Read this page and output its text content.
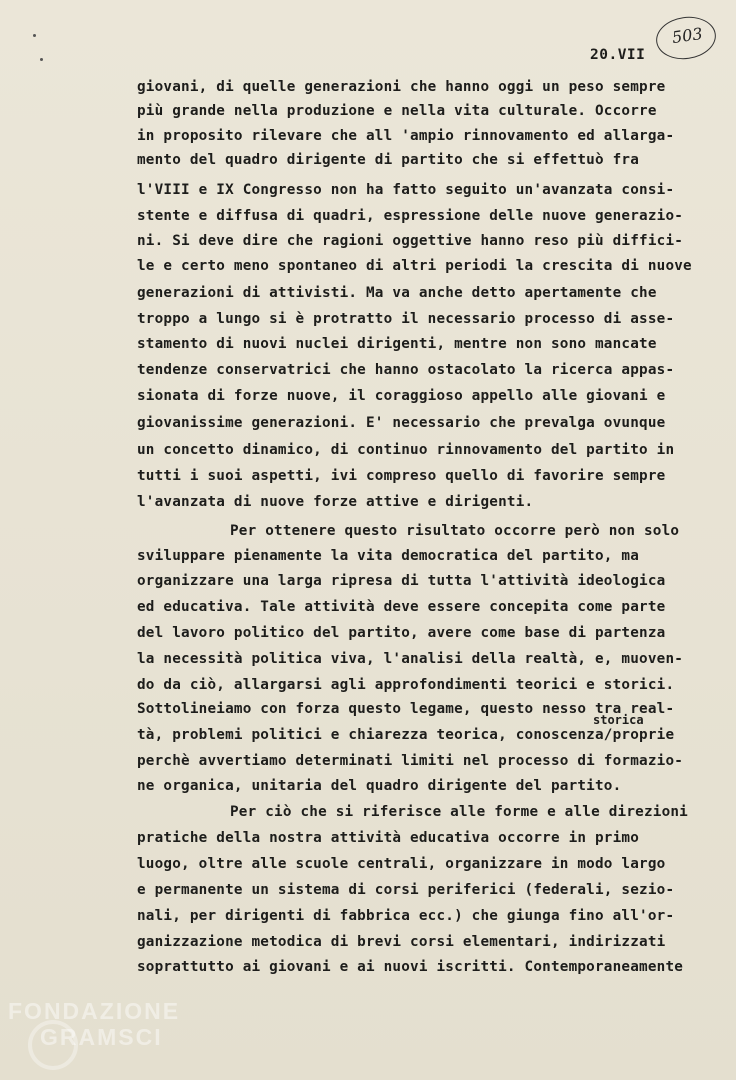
20.VII
503
giovani, di quelle generazioni che hanno oggi un peso sempre
più grande nella produzione e nella vita culturale. Occorre
in proposito rilevare che all 'ampio rinnovamento ed allarga-
mento del quadro dirigente di partito che si effettuò fra
l'VIII e IX Congresso non ha fatto seguito un'avanzata consi-
stente e diffusa di quadri, espressione delle nuove generazio-
ni. Si deve dire che ragioni oggettive hanno reso più diffici-
le e certo meno spontaneo di altri periodi la crescita di nuove
generazioni di attivisti. Ma va anche detto apertamente che
troppo a lungo si è protratto il necessario processo di asse-
stamento di nuovi nuclei dirigenti, mentre non sono mancate
tendenze conservatrici che hanno ostacolato la ricerca appas-
sionata di forze nuove, il coraggioso appello alle giovani e
giovanissime generazioni. E' necessario che prevalga ovunque
un concetto dinamico, di continuo rinnovamento del partito in
tutti i suoi aspetti, ivi compreso quello di favorire sempre
l'avanzata di nuove forze attive e dirigenti.
Per ottenere questo risultato occorre però non solo
sviluppare pienamente la vita democratica del partito, ma
organizzare una larga ripresa di tutta l'attività ideologica
ed educativa. Tale attività deve essere concepita come parte
del lavoro politico del partito, avere come base di partenza
la necessità politica viva, l'analisi della realtà, e, muoven-
do da ciò, allargarsi agli approfondimenti teorici e storici.
Sottolineiamo con forza questo legame, questo nesso tra real-
storica
tà, problemi politici e chiarezza teorica, conoscenza/proprie
perchè avvertiamo determinati limiti nel processo di formazio-
ne organica, unitaria del quadro dirigente del partito.
Per ciò che si riferisce alle forme e alle direzioni
pratiche della nostra attività educativa occorre in primo
luogo, oltre alle scuole centrali, organizzare in modo largo
e permanente un sistema di corsi periferici (federali, sezio-
nali, per dirigenti di fabbrica ecc.) che giunga fino all'or-
ganizzazione metodica di brevi corsi elementari, indirizzati
soprattutto ai giovani e ai nuovi iscritti. Contemporaneamente
FONDAZIONE
GRAMSCI
